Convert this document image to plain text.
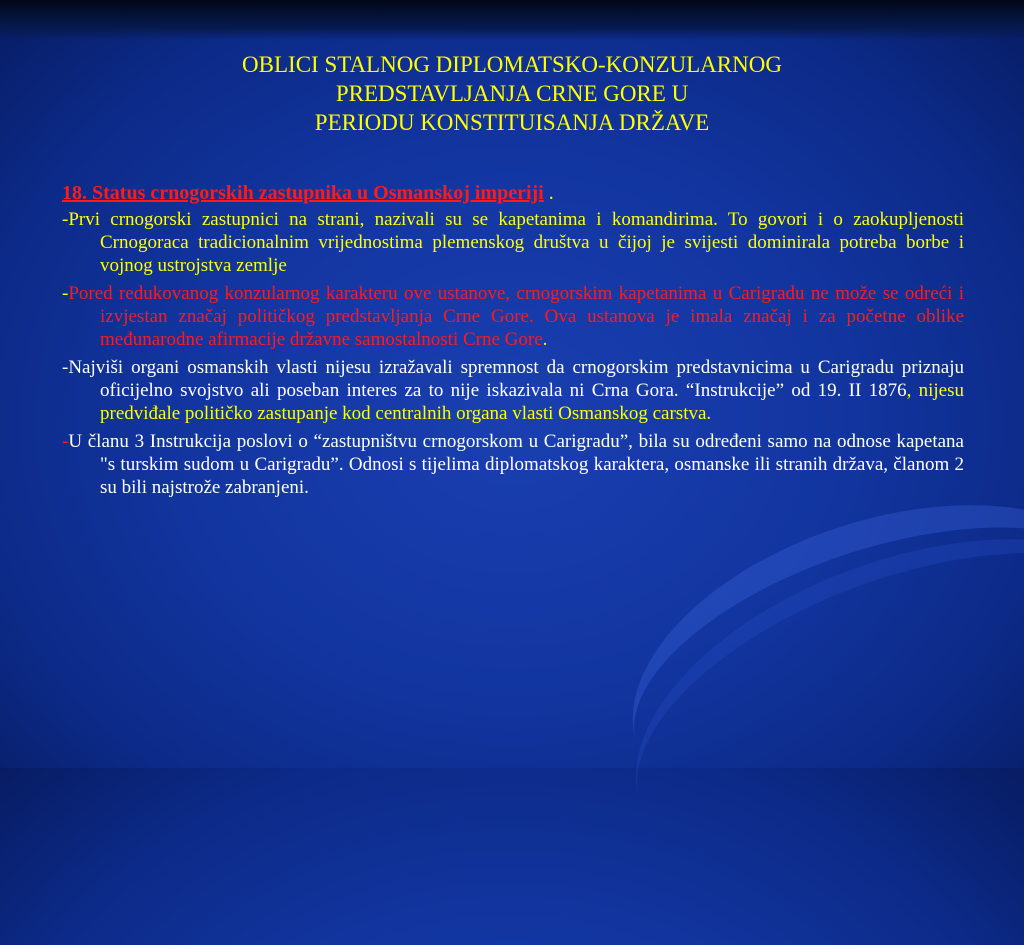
OBLICI STALNOG DIPLOMATSKO-KONZULARNOG
PREDSTAVLJANJA CRNE GORE U
PERIODU KONSTITUISANJA DRŽAVE
18. Status crnogorskih zastupnika u Osmanskoj imperiji .

-Prvi crnogorski zastupnici na strani, nazivali su se kapetanima i komandirima. To govori i o zaokupljenosti Crnogoraca tradicionalnim vrijednostima plemenskog društva u čijoj je svijesti dominirala potreba borbe i vojnog ustrojstva zemlje

-Pored redukovanog konzularnog karakteru ove ustanove, crnogorskim kapetanima u Carigradu ne može se odreći i izvjestan značaj političkog predstavljanja Crne Gore. Ova ustanova je imala značaj i za početne oblike međunarodne afirmacije državne samostalnosti Crne Gore.

-Najviši organi osmanskih vlasti nijesu izražavali spremnost da crnogorskim predstavnicima u Carigradu priznaju oficijelno svojstvo ali poseban interes za to nije iskazivala ni Crna Gora. “Instrukcije” od 19. II 1876, nijesu predviđale političko zastupanje kod centralnih organa vlasti Osmanskog carstva.

-U članu 3 Instrukcija poslovi o “zastupništvu crnogorskom u Carigradu”, bila su određeni samo na odnose kapetana "s turskim sudom u Carigradu”. Odnosi s tijelima diplomatskog karaktera, osmanske ili stranih država, članom 2 su bili najstrože zabranjeni.
